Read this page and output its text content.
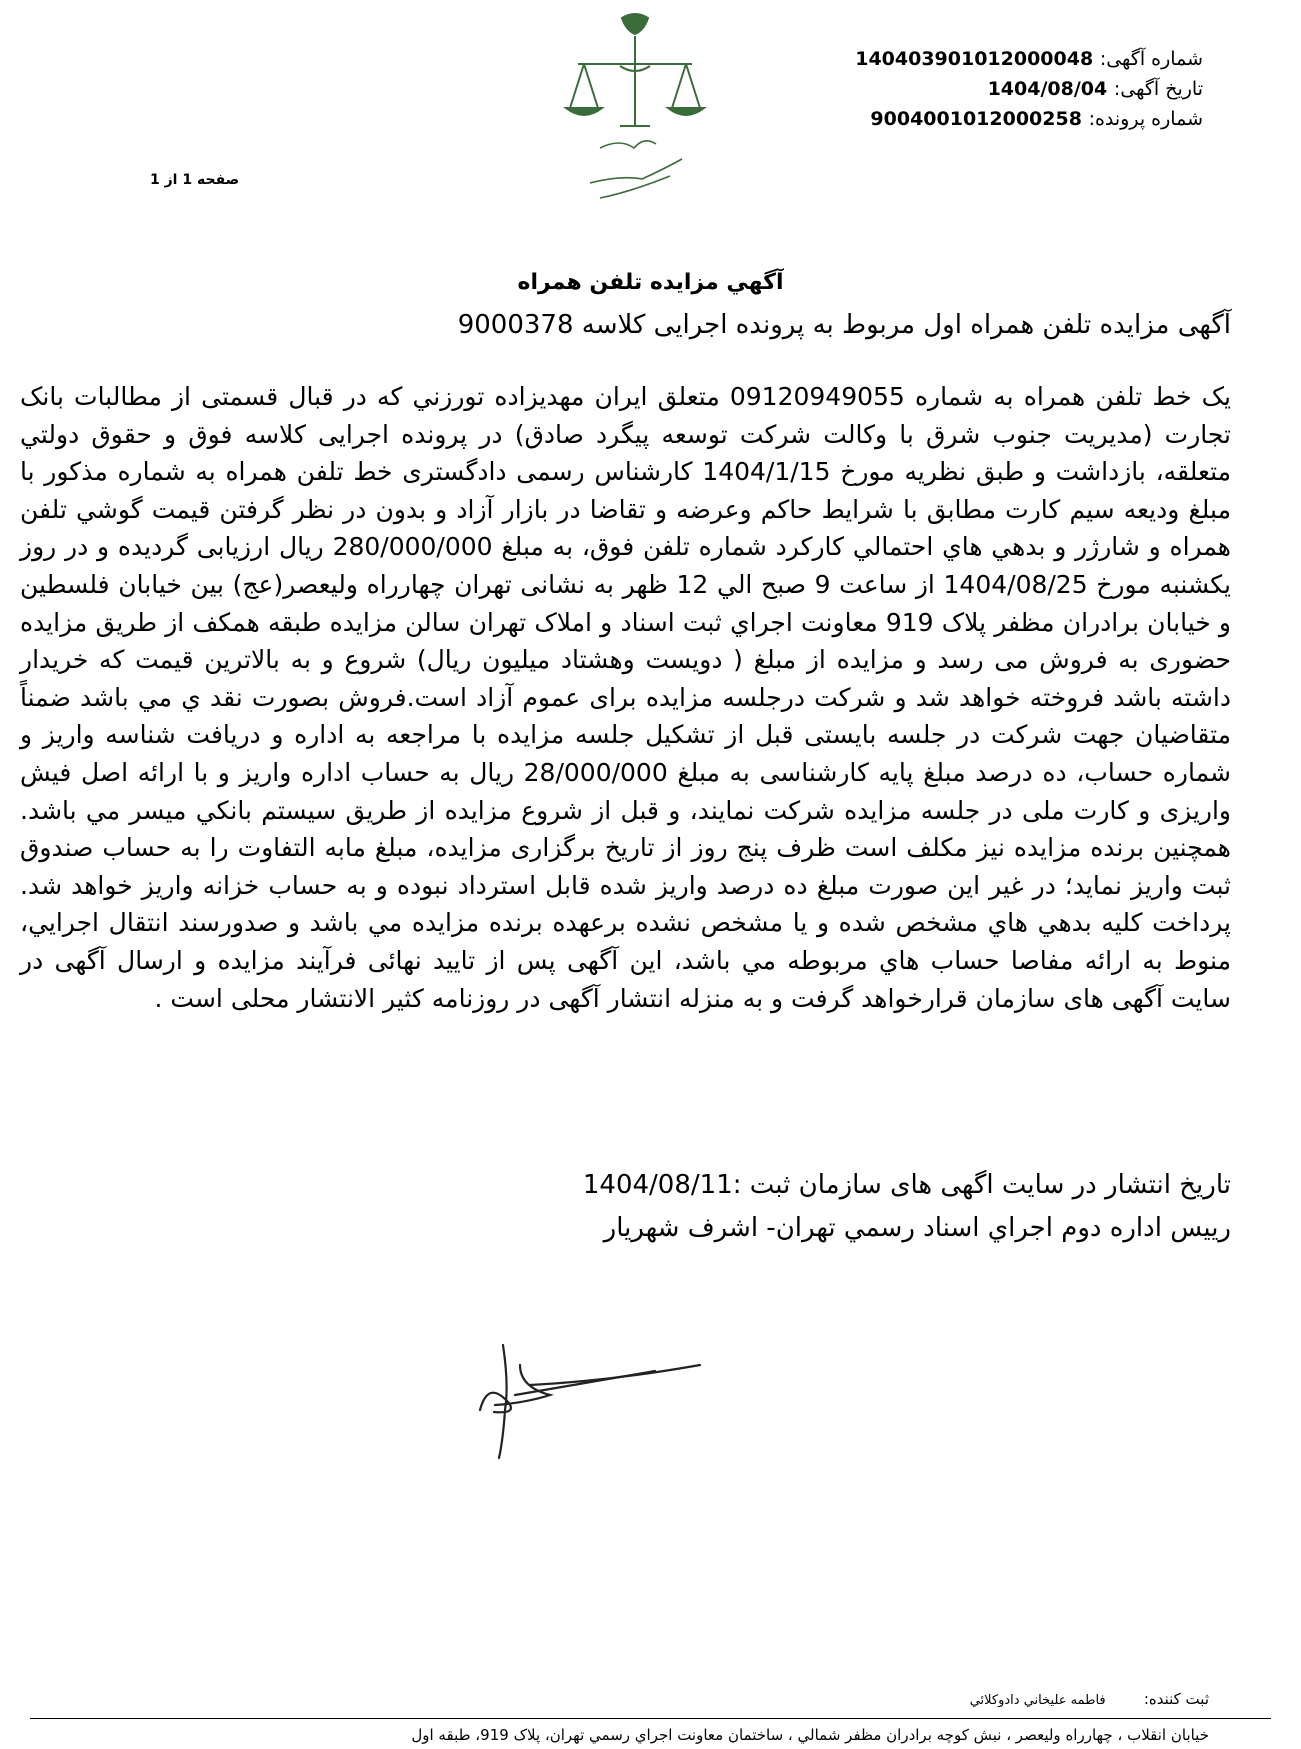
شماره آگهی: 140403901012000048
تاریخ آگهی: 1404/08/04
شماره پرونده: 9004001012000258
صفحه 1 از 1
آگهي مزايده تلفن همراه
آگهی مزایده تلفن همراه اول مربوط به پرونده اجرایی کلاسه 9000378
یک خط تلفن همراه به شماره 09120949055 متعلق ایران مهدیزاده تورزني که در قبال قسمتی از مطالبات بانک تجارت (مدیریت جنوب شرق با وکالت شرکت توسعه پیگرد صادق) در پرونده اجرایی کلاسه فوق و حقوق دولتي متعلقه، بازداشت و طبق نظریه مورخ 1404/1/15 کارشناس رسمی دادگستری خط تلفن همراه به شماره مذکور با مبلغ ودیعه سیم کارت مطابق با شرایط حاکم وعرضه و تقاضا در بازار آزاد و بدون در نظر گرفتن قیمت گوشي تلفن همراه و شارژر و بدهي هاي احتمالي کارکرد شماره تلفن فوق، به مبلغ 280/000/000 ریال ارزیابی گردیده و در روز یکشنبه مورخ 1404/08/25 از ساعت 9 صبح الي 12 ظهر به نشانی تهران چهارراه ولیعصر(عج) بین خیابان فلسطین و خیابان برادران مظفر پلاک 919 معاونت اجراي ثبت اسناد و املاک تهران سالن مزایده طبقه همکف از طریق مزایده حضوری به فروش می رسد و مزایده از مبلغ ( دویست وهشتاد میلیون ریال) شروع و به بالاترین قیمت که خریدار داشته باشد فروخته خواهد شد و شرکت درجلسه مزایده برای عموم آزاد است.فروش بصورت نقد ي مي باشد ضمناً متقاضیان جهت شرکت در جلسه بایستی قبل از تشکیل جلسه مزایده با مراجعه به اداره و دریافت شناسه واریز و شماره حساب، ده درصد مبلغ پایه کارشناسی به مبلغ 28/000/000 ریال به حساب اداره واریز و با ارائه اصل فیش واریزی و کارت ملی در جلسه مزایده شرکت نمایند، و قبل از شروع مزایده از طریق سیستم بانکي میسر مي باشد. همچنین برنده مزایده نیز مکلف است ظرف پنج روز از تاریخ برگزاری مزایده، مبلغ مابه التفاوت را به حساب صندوق ثبت واریز نماید؛ در غیر این صورت مبلغ ده درصد واریز شده قابل استرداد نبوده و به حساب خزانه واریز خواهد شد. پرداخت کلیه بدهي هاي مشخص شده و یا مشخص نشده برعهده برنده مزایده مي باشد و صدورسند انتقال اجرایي، منوط به ارائه مفاصا حساب هاي مربوطه مي باشد، این آگهی پس از تایید نهائی فرآیند مزایده و ارسال آگهی در سایت آگهی های سازمان قرارخواهد گرفت و به منزله انتشار آگهی در روزنامه کثیر الانتشار محلی است .
تاریخ انتشار در سایت اگهی های سازمان ثبت :1404/08/11
رییس اداره دوم اجراي اسناد رسمي تهران- اشرف شهریار
ثبت کننده:        فاطمه عليخاني دادوكلائي
خیابان انقلاب ، چهارراه ولیعصر ، نبش کوچه برادران مظفر شمالي ، ساختمان معاونت اجراي رسمي تهران، پلاک 919، طبقه اول
